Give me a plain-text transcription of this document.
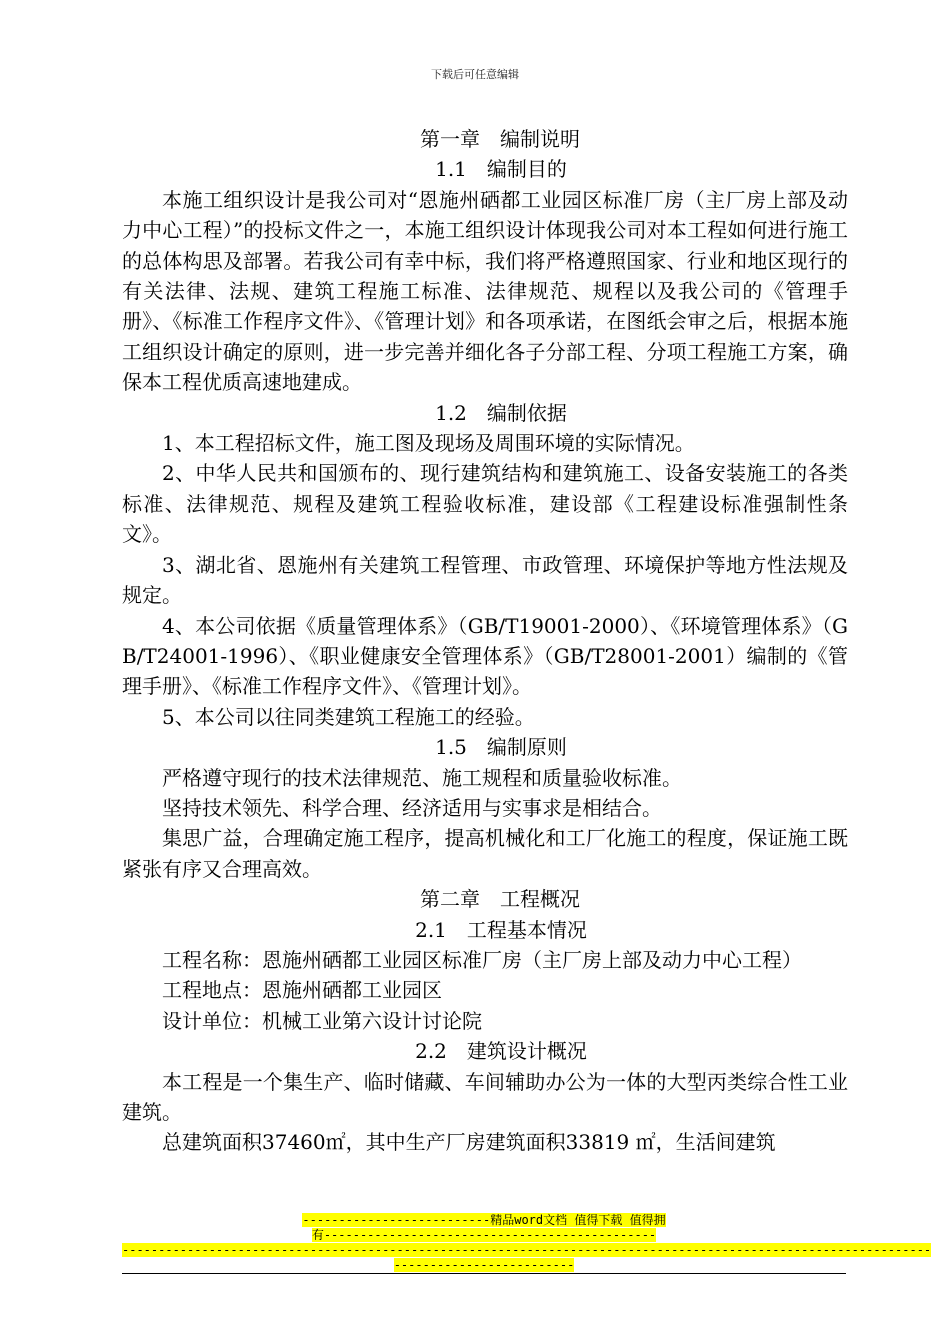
下载后可任意编辑
第一章　编制说明
1.1　编制目的

本施工组织设计是我公司对“恩施州硒都工业园区标准厂房（主厂房上部及动力中心工程）”的投标文件之一，本施工组织设计体现我公司对本工程如何进行施工的总体构思及部署。若我公司有幸中标，我们将严格遵照国家、行业和地区现行的有关法律、法规、建筑工程施工标准、法律规范、规程以及我公司的《管理手册》、《标准工作程序文件》、《管理计划》和各项承诺，在图纸会审之后，根据本施工组织设计确定的原则，进一步完善并细化各子分部工程、分项工程施工方案，确保本工程优质高速地建成。

1.2　编制依据

1、本工程招标文件，施工图及现场及周围环境的实际情况。

2、中华人民共和国颁布的、现行建筑结构和建筑施工、设备安装施工的各类标准、法律规范、规程及建筑工程验收标准，建设部《工程建设标准强制性条文》。

3、湖北省、恩施州有关建筑工程管理、市政管理、环境保护等地方性法规及规定。

4、本公司依据《质量管理体系》（GB/T19001-2000）、《环境管理体系》（GB/T24001-1996）、《职业健康安全管理体系》（GB/T28001-2001）编制的《管理手册》、《标准工作程序文件》、《管理计划》。

5、本公司以往同类建筑工程施工的经验。

1.5　编制原则

严格遵守现行的技术法律规范、施工规程和质量验收标准。

坚持技术领先、科学合理、经济适用与实事求是相结合。

集思广益，合理确定施工程序，提高机械化和工厂化施工的程度，保证施工既紧张有序又合理高效。

第二章　工程概况
2.1　工程基本情况

工程名称：恩施州硒都工业园区标准厂房（主厂房上部及动力中心工程）

工程地点：恩施州硒都工业园区

设计单位：机械工业第六设计讨论院

2.2　建筑设计概况

本工程是一个集生产、临时储藏、车间辅助办公为一体的大型丙类综合性工业建筑。

总建筑面积37460㎡，其中生产厂房建筑面积33819 ㎡，生活间建筑

--------------------------精品word文档 值得下载 值得拥
有----------------------------------------------
----------------------------------------------------------------------------------------------------------------
-------------------------
